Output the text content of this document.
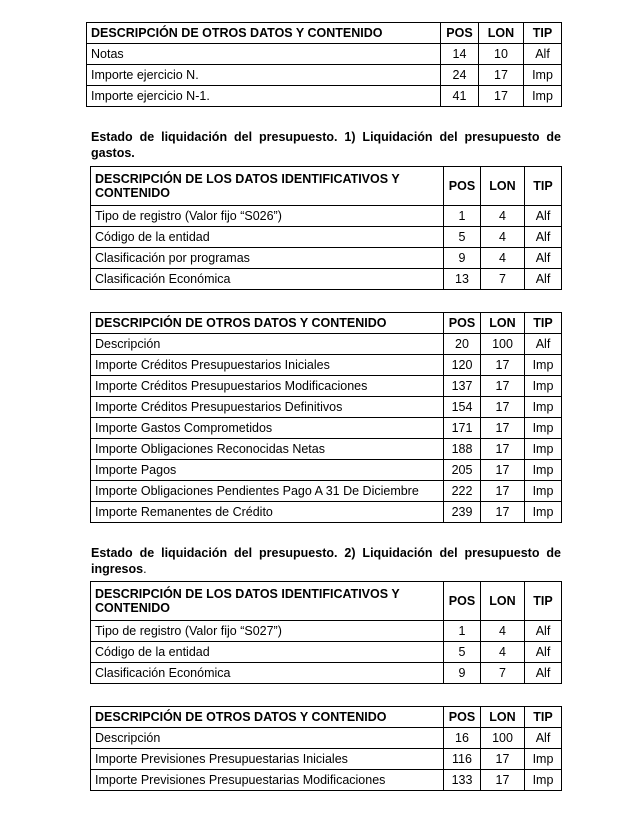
DESCRIPCIÓN DE OTROS DATOS Y CONTENIDO	POS	LON	TIP
Notas	14	10	Alf
Importe ejercicio N.	24	17	Imp
Importe ejercicio N-1.	41	17	Imp
Estado de liquidación del presupuesto. 1) Liquidación del presupuesto de gastos.
DESCRIPCIÓN DE LOS DATOS IDENTIFICATIVOS Y CONTENIDO	POS	LON	TIP
Tipo de registro (Valor fijo “S026”)	1	4	Alf
Código de la entidad	5	4	Alf
Clasificación por programas	9	4	Alf
Clasificación Económica	13	7	Alf
DESCRIPCIÓN DE OTROS DATOS Y CONTENIDO	POS	LON	TIP
Descripción	20	100	Alf
Importe Créditos Presupuestarios Iniciales	120	17	Imp
Importe Créditos Presupuestarios Modificaciones	137	17	Imp
Importe Créditos Presupuestarios Definitivos	154	17	Imp
Importe Gastos Comprometidos	171	17	Imp
Importe Obligaciones Reconocidas Netas	188	17	Imp
Importe Pagos	205	17	Imp
Importe Obligaciones Pendientes Pago A 31 De Diciembre	222	17	Imp
Importe Remanentes de Crédito	239	17	Imp
Estado de liquidación del presupuesto. 2) Liquidación del presupuesto de ingresos.
DESCRIPCIÓN DE LOS DATOS IDENTIFICATIVOS Y CONTENIDO	POS	LON	TIP
Tipo de registro (Valor fijo “S027”)	1	4	Alf
Código de la entidad	5	4	Alf
Clasificación Económica	9	7	Alf
DESCRIPCIÓN DE OTROS DATOS Y CONTENIDO	POS	LON	TIP
Descripción	16	100	Alf
Importe Previsiones Presupuestarias Iniciales	116	17	Imp
Importe Previsiones Presupuestarias Modificaciones	133	17	Imp
